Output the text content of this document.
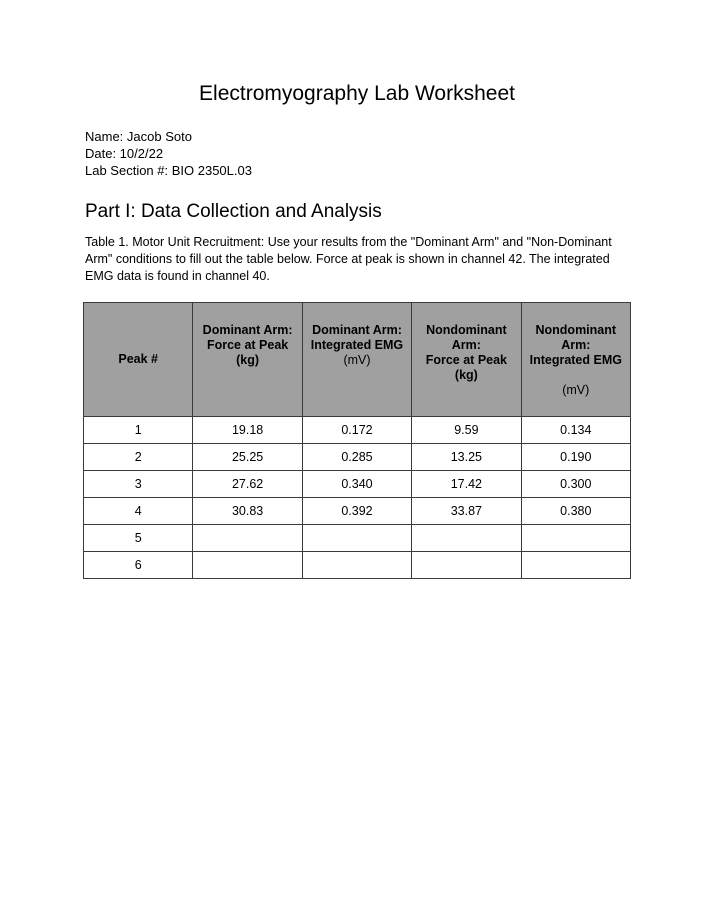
Electromyography Lab Worksheet
Name: Jacob Soto
Date: 10/2/22
Lab Section #: BIO 2350L.03
Part I: Data Collection and Analysis

Table 1. Motor Unit Recruitment: Use your results from the "Dominant Arm" and "Non-Dominant Arm" conditions to fill out the table below. Force at peak is shown in channel 42. The integrated EMG data is found in channel 40.

Peak #	Dominant Arm:
Force at Peak
(kg)	Dominant Arm:
Integrated EMG
(mV)	Nondominant
Arm:
Force at Peak
(kg)	Nondominant
Arm:
Integrated EMG
(mV)

1	19.18	0.172	9.59	0.134
2	25.25	0.285	13.25	0.190
3	27.62	0.340	17.42	0.300
4	30.83	0.392	33.87	0.380
5				
6				
